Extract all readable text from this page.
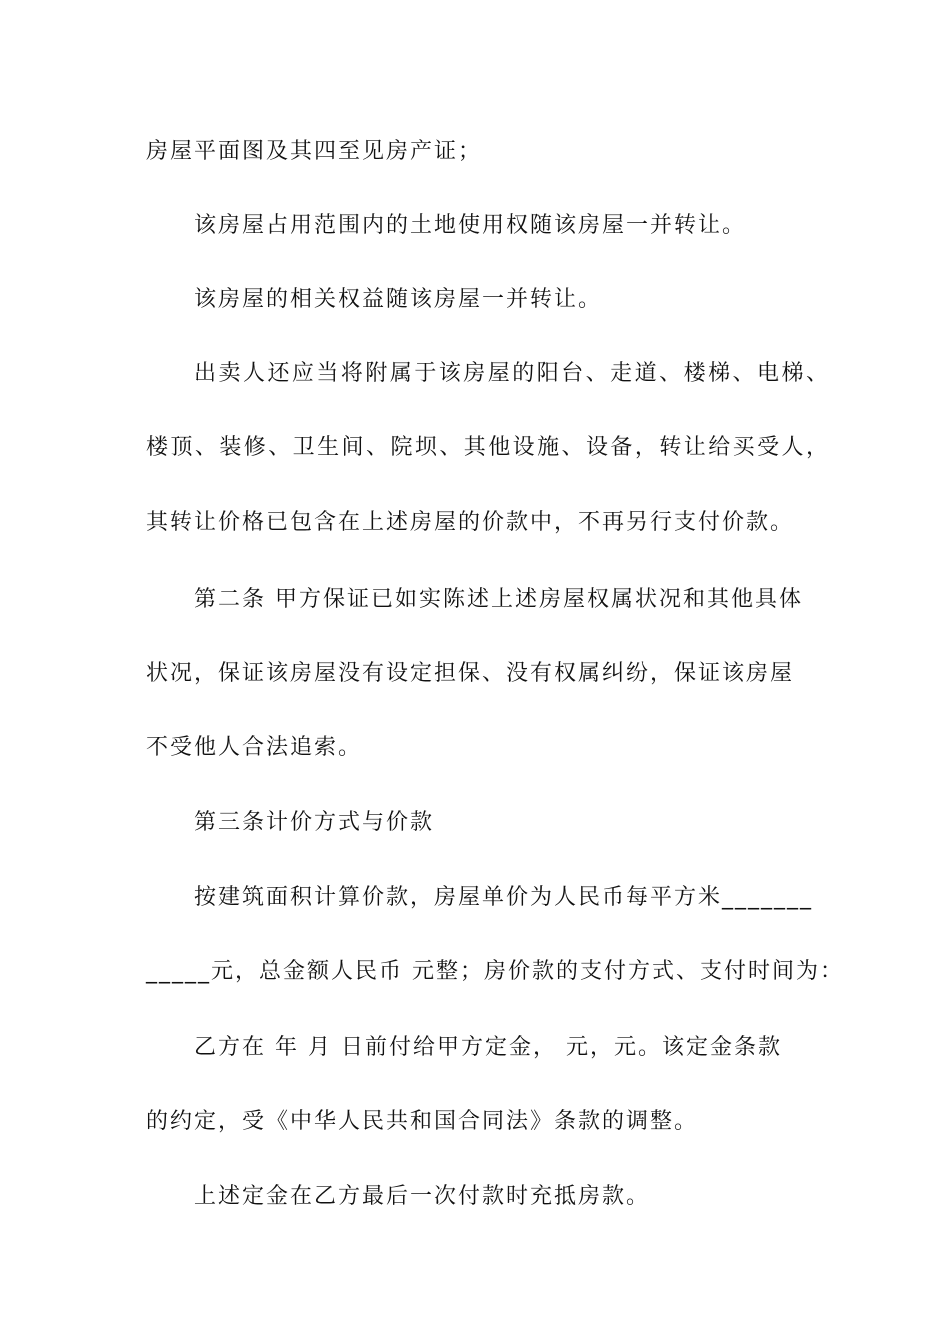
房屋平面图及其四至见房产证；
该房屋占用范围内的土地使用权随该房屋一并转让。
该房屋的相关权益随该房屋一并转让。
出卖人还应当将附属于该房屋的阳台、走道、楼梯、电梯、
楼顶、装修、卫生间、院坝、其他设施、设备，转让给买受人，
其转让价格已包含在上述房屋的价款中，不再另行支付价款。
第二条 甲方保证已如实陈述上述房屋权属状况和其他具体
状况，保证该房屋没有设定担保、没有权属纠纷，保证该房屋
不受他人合法追索。
第三条计价方式与价款
按建筑面积计算价款，房屋单价为人民币每平方米_______
_____元，总金额人民币 元整；房价款的支付方式、支付时间为：
乙方在 年 月 日前付给甲方定金， 元，元。该定金条款
的约定，受《中华人民共和国合同法》条款的调整。
上述定金在乙方最后一次付款时充抵房款。
